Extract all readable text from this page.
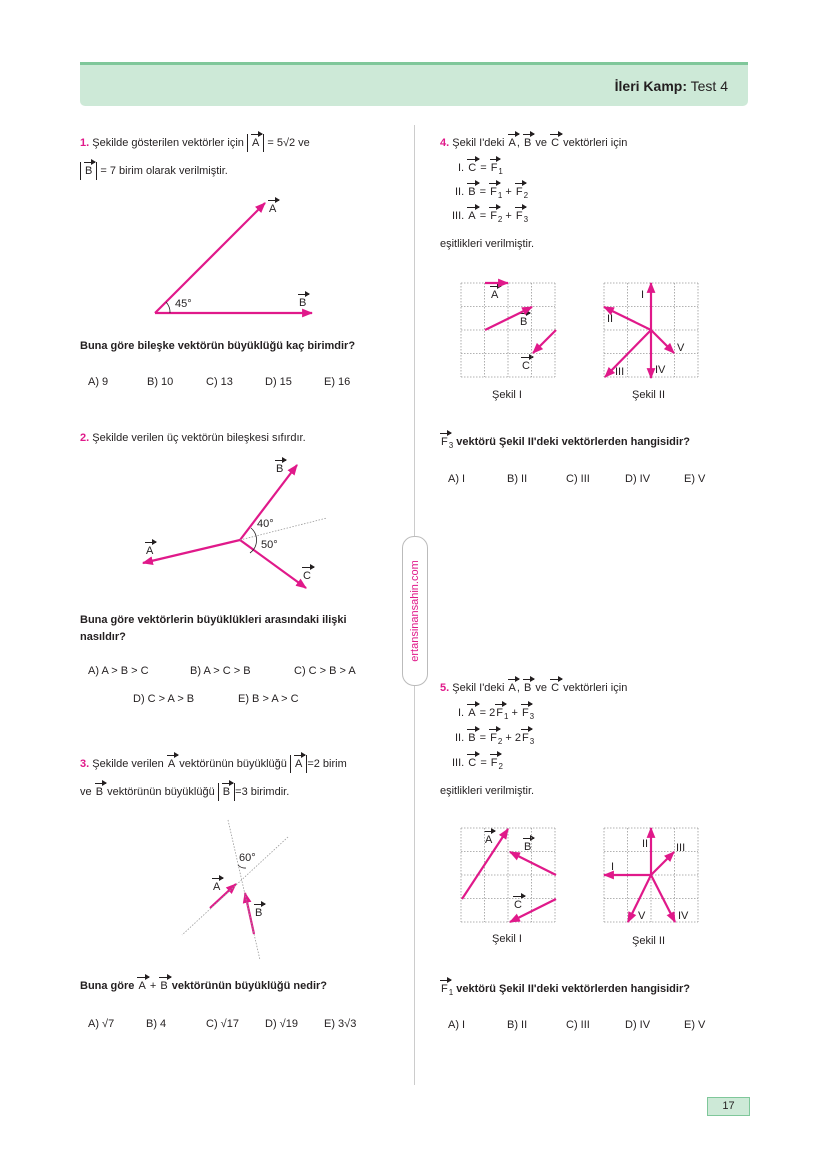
İleri Kamp: Test 4
ertansinansahin.com
1. Şekilde gösterilen vektörler için A = 5√2 ve
B = 7 birim olarak verilmiştir.
A
B
45°
Buna göre bileşke vektörün büyüklüğü kaç birimdir?
A) 9	B) 10	C) 13	D) 15	E) 16
2. Şekilde verilen üç vektörün bileşkesi sıfırdır.
B
A
C
40°
50°
Buna göre vektörlerin büyüklükleri arasındaki ilişki
nasıldır?
A) A > B > C	B) A > C > B	C) C > B > A
D) C > A > B	E) B > A > C
3. Şekilde verilen A vektörünün büyüklüğü A =2 birim
ve B vektörünün büyüklüğü B =3 birimdir.
60°
A
B
Buna göre A + B vektörünün büyüklüğü nedir?
A) √7	B) 4	C) √17 D) √19 E) 3√3
4. Şekil I'deki A, B ve C vektörleri için
I. $C = F_1$
II. $B = F_1 + F_2$
III. $A = F_2 + F_3$
eşitlikleri verilmiştir.
A
B
C
I
II
III	IV
V
Şekil I	Şekil II
$F_3$ vektörü Şekil II'deki vektörlerden hangisidir?
A) I	B) II	C) III	D) IV	E) V
5. Şekil I'deki A, B ve C vektörleri için
I. $A = 2F_1 + F_3$
II. $B = F_2 + 2F_3$
III. $C = F_2$
eşitlikleri verilmiştir.
A
B
C
I
II	III
IV
V
Şekil I	Şekil II
$F_1$ vektörü Şekil II'deki vektörlerden hangisidir?
A) I	B) II	C) III	D) IV	E) V
17
